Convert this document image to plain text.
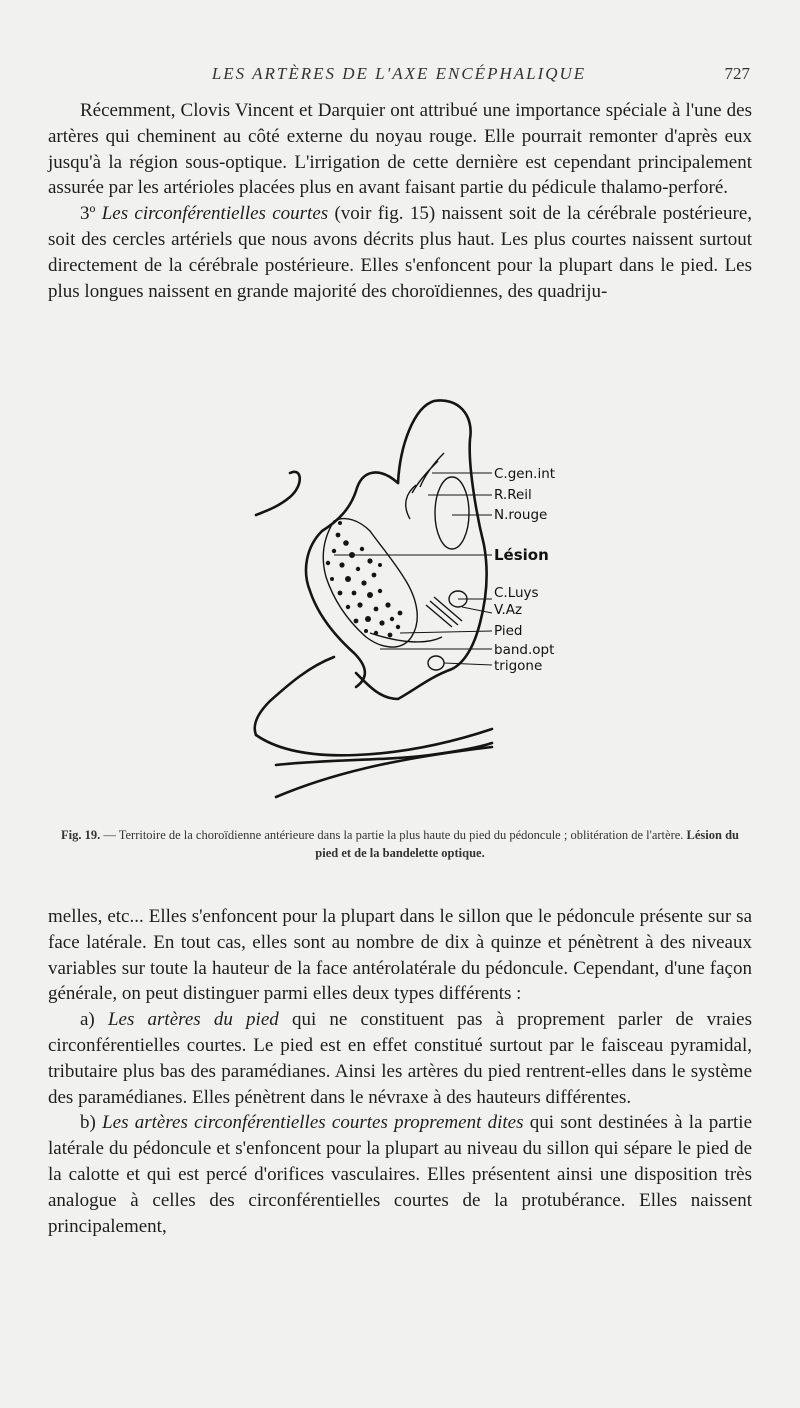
LES ARTÈRES DE L'AXE ENCÉPHALIQUE	727

Récemment, Clovis Vincent et Darquier ont attribué une importance spéciale à l'une des artères qui cheminent au côté externe du noyau rouge. Elle pourrait remonter d'après eux jusqu'à la région sous-optique. L'irrigation de cette dernière est cependant principalement assurée par les artérioles placées plus en avant faisant partie du pédicule thalamo-perforé.

3º Les circonférentielles courtes (voir fig. 15) naissent soit de la cérébrale postérieure, soit des cercles artériels que nous avons décrits plus haut. Les plus courtes naissent surtout directement de la cérébrale postérieure. Elles s'enfoncent pour la plupart dans le pied. Les plus longues naissent en grande majorité des choroïdiennes, des quadriju-

C.gen.int
R.Reil
N.rouge
Lésion
C.Luys
V.Az
Pied
band.opt
trigone
Fig. 19. — Territoire de la choroïdienne antérieure dans la partie la plus haute du pied du pédoncule ; oblitération de l'artère. Lésion du pied et de la bandelette optique.

melles, etc... Elles s'enfoncent pour la plupart dans le sillon que le pédoncule présente sur sa face latérale. En tout cas, elles sont au nombre de dix à quinze et pénètrent à des niveaux variables sur toute la hauteur de la face antérolatérale du pédoncule. Cependant, d'une façon générale, on peut distinguer parmi elles deux types différents :

a) Les artères du pied qui ne constituent pas à proprement parler de vraies circonférentielles courtes. Le pied est en effet constitué surtout par le faisceau pyramidal, tributaire plus bas des paramédianes. Ainsi les artères du pied rentrent-elles dans le système des paramédianes. Elles pénètrent dans le névraxe à des hauteurs différentes.

b) Les artères circonférentielles courtes proprement dites qui sont destinées à la partie latérale du pédoncule et s'enfoncent pour la plupart au niveau du sillon qui sépare le pied de la calotte et qui est percé d'orifices vasculaires. Elles présentent ainsi une disposition très analogue à celles des circonférentielles courtes de la protubérance. Elles naissent principalement,
